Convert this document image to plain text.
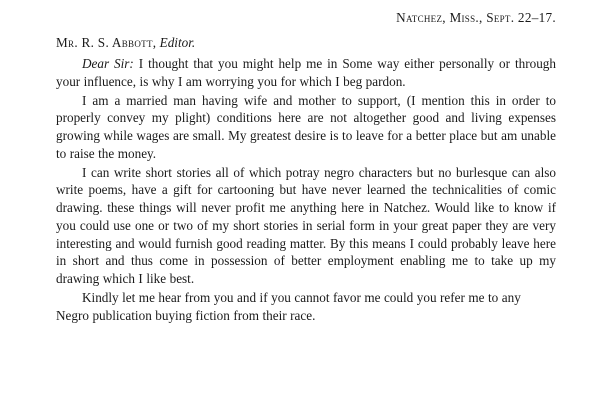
Natchez, Miss., Sept. 22–17.
Mr. R. S. Abbott, Editor.

Dear Sir: I thought that you might help me in Some way either personally or through your influence, is why I am worrying you for which I beg pardon.

I am a married man having wife and mother to support, (I mention this in order to properly convey my plight) conditions here are not altogether good and living expenses growing while wages are small. My greatest desire is to leave for a better place but am unable to raise the money.

I can write short stories all of which potray negro characters but no burlesque can also write poems, have a gift for cartooning but have never learned the technicalities of comic drawing. these things will never profit me anything here in Natchez. Would like to know if you could use one or two of my short stories in serial form in your great paper they are very interesting and would furnish good reading matter. By this means I could probably leave here in short and thus come in possession of better employment enabling me to take up my drawing which I like best.

Kindly let me hear from you and if you cannot favor me could you refer me to any Negro publication buying fiction from their race.
